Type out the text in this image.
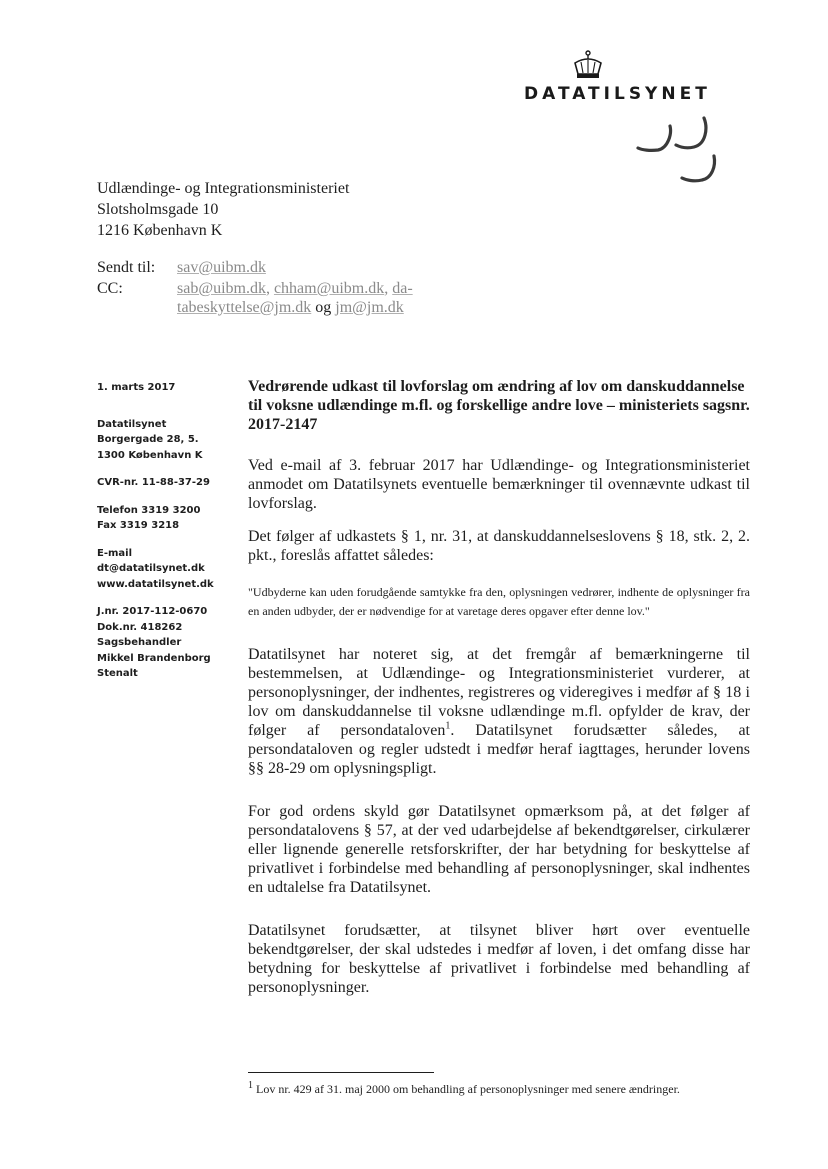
DATATILSYNET
Udlændinge- og Integrationsministeriet
Slotsholmsgade 10
1216 København K
Sendt til:	sav@uibm.dk
CC:	sab@uibm.dk, chham@uibm.dk, da-
tabeskyttelse@jm.dk og jm@jm.dk
1. marts 2017
Datatilsynet
Borgergade 28, 5.
1300 København K
CVR-nr. 11-88-37-29
Telefon 3319 3200
Fax 3319 3218
E-mail
dt@datatilsynet.dk
www.datatilsynet.dk
J.nr. 2017-112-0670
Dok.nr. 418262
Sagsbehandler
Mikkel Brandenborg
Stenalt

Vedrørende udkast til lovforslag om ændring af lov om danskuddannelse til voksne udlændinge m.fl. og forskellige andre love – ministeriets sagsnr. 2017-2147

Ved e-mail af 3. februar 2017 har Udlændinge- og Integrationsministeriet anmodet om Datatilsynets eventuelle bemærkninger til ovennævnte udkast til lovforslag.

Det følger af udkastets § 1, nr. 31, at danskuddannelseslovens § 18, stk. 2, 2. pkt., foreslås affattet således:

"Udbyderne kan uden forudgående samtykke fra den, oplysningen vedrører, indhente de oplysninger fra en anden udbyder, der er nødvendige for at varetage deres opgaver efter denne lov."

Datatilsynet har noteret sig, at det fremgår af bemærkningerne til bestemmelsen, at Udlændinge- og Integrationsministeriet vurderer, at personoplysninger, der indhentes, registreres og videregives i medfør af § 18 i lov om danskuddannelse til voksne udlændinge m.fl. opfylder de krav, der følger af persondataloven$^1$. Datatilsynet forudsætter således, at persondataloven og regler udstedt i medfør heraf iagttages, herunder lovens §§ 28-29 om oplysningspligt.

For god ordens skyld gør Datatilsynet opmærksom på, at det følger af persondatalovens § 57, at der ved udarbejdelse af bekendtgørelser, cirkulærer eller lignende generelle retsforskrifter, der har betydning for beskyttelse af privatlivet i forbindelse med behandling af personoplysninger, skal indhentes en udtalelse fra Datatilsynet.

Datatilsynet forudsætter, at tilsynet bliver hørt over eventuelle bekendtgørelser, der skal udstedes i medfør af loven, i det omfang disse har betydning for beskyttelse af privatlivet i forbindelse med behandling af personoplysninger.

$^1$ Lov nr. 429 af 31. maj 2000 om behandling af personoplysninger med senere ændringer.
